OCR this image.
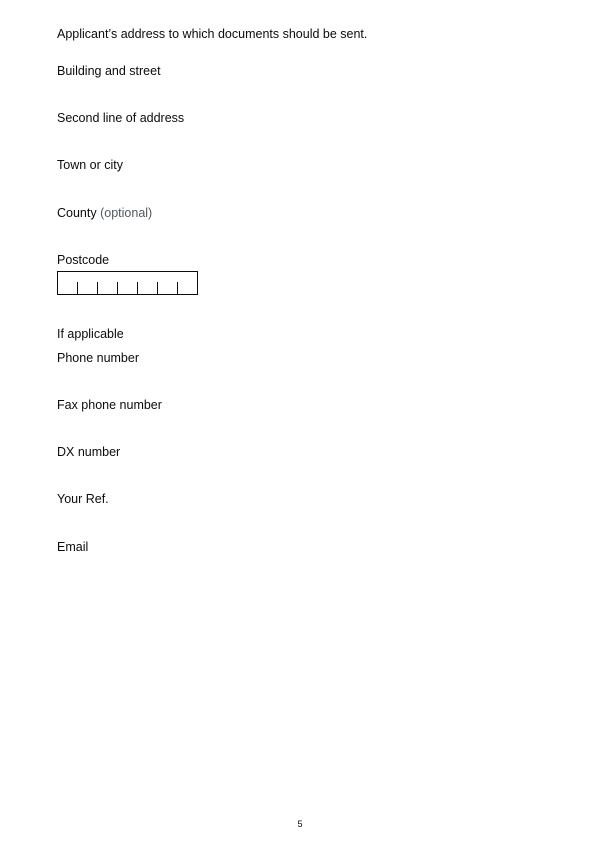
Applicant’s address to which documents should be sent.
Building and street
Second line of address
Town or city
County (optional)
Postcode
If applicable
Phone number
Fax phone number
DX number
Your Ref.
Email
5
